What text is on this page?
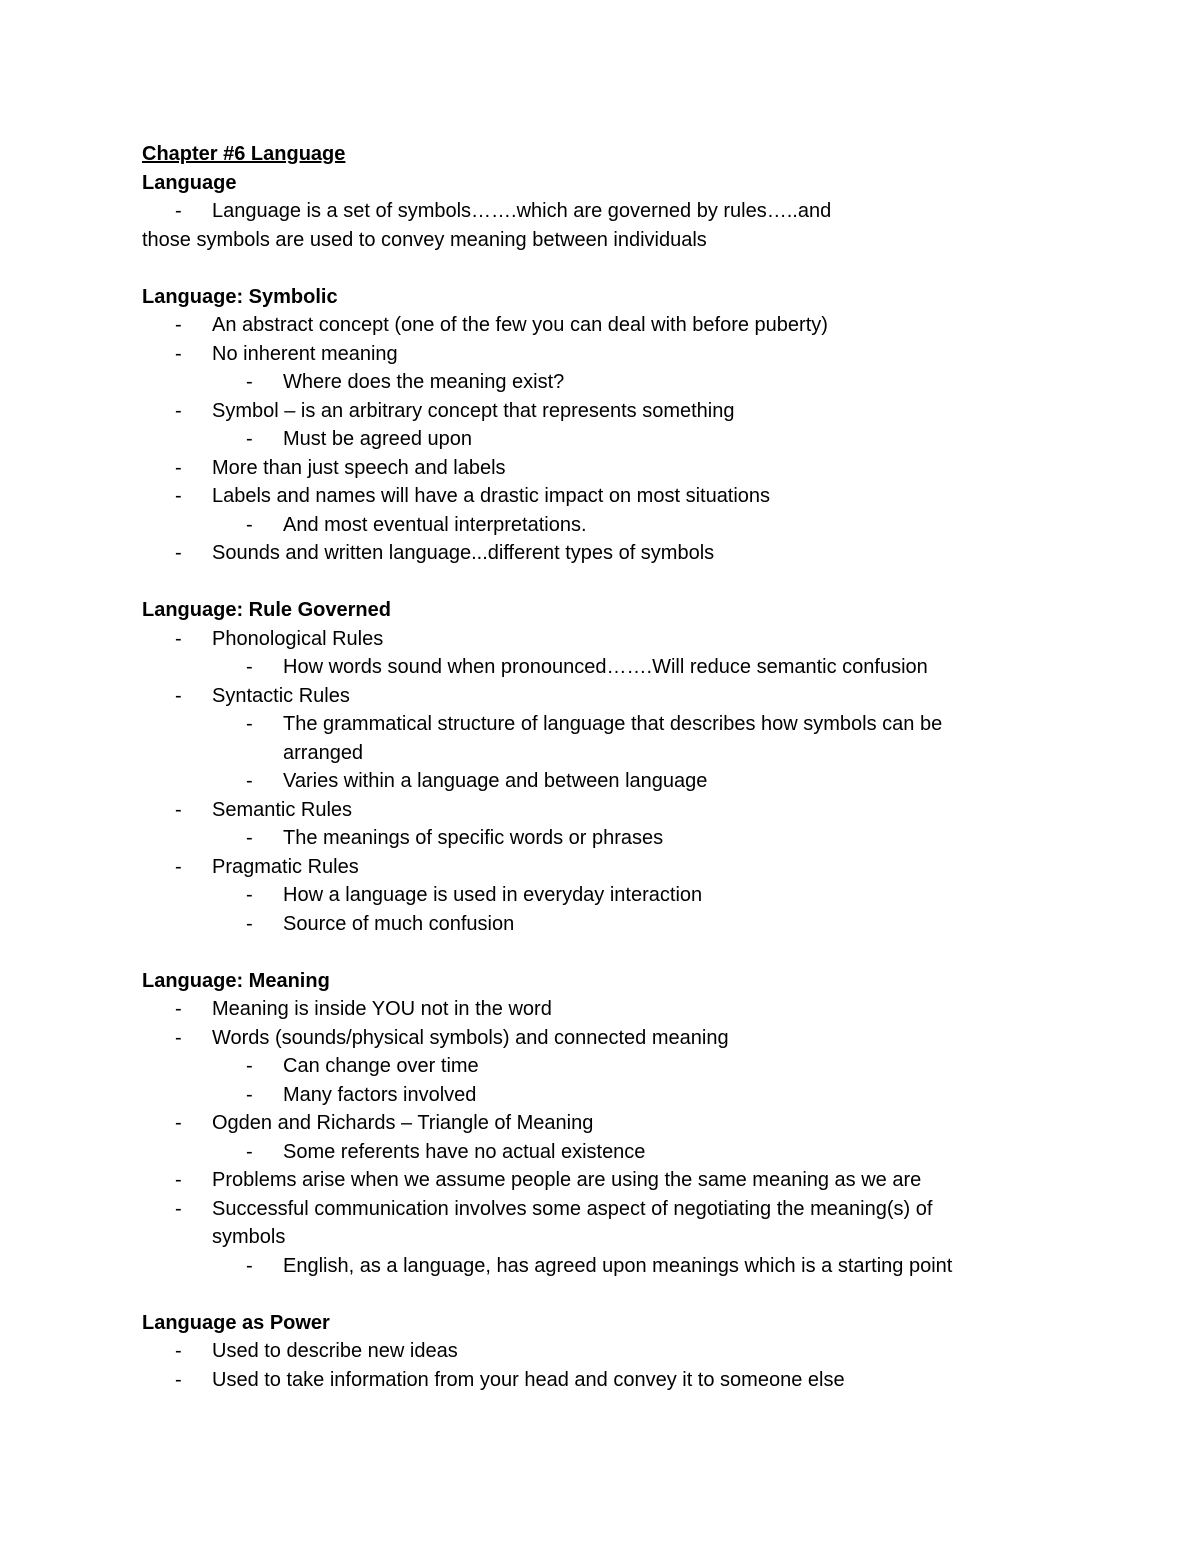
Chapter #6 Language
Language
- Language is a set of symbols…….which are governed by rules…..and
those symbols are used to convey meaning between individuals
Language: Symbolic
- An abstract concept (one of the few you can deal with before puberty)
- No inherent meaning
- Where does the meaning exist?
- Symbol – is an arbitrary concept that represents something
- Must be agreed upon
- More than just speech and labels
- Labels and names will have a drastic impact on most situations
- And most eventual interpretations.
- Sounds and written language...different types of symbols
Language: Rule Governed
- Phonological Rules
- How words sound when pronounced…….Will reduce semantic confusion
- Syntactic Rules
- The grammatical structure of language that describes how symbols can be arranged
- Varies within a language and between language
- Semantic Rules
- The meanings of specific words or phrases
- Pragmatic Rules
- How a language is used in everyday interaction
- Source of much confusion
Language: Meaning
- Meaning is inside YOU not in the word
- Words (sounds/physical symbols) and connected meaning
- Can change over time
- Many factors involved
- Ogden and Richards – Triangle of Meaning
- Some referents have no actual existence
- Problems arise when we assume people are using the same meaning as we are
- Successful communication involves some aspect of negotiating the meaning(s) of symbols
- English, as a language, has agreed upon meanings which is a starting point
Language as Power
- Used to describe new ideas
- Used to take information from your head and convey it to someone else
